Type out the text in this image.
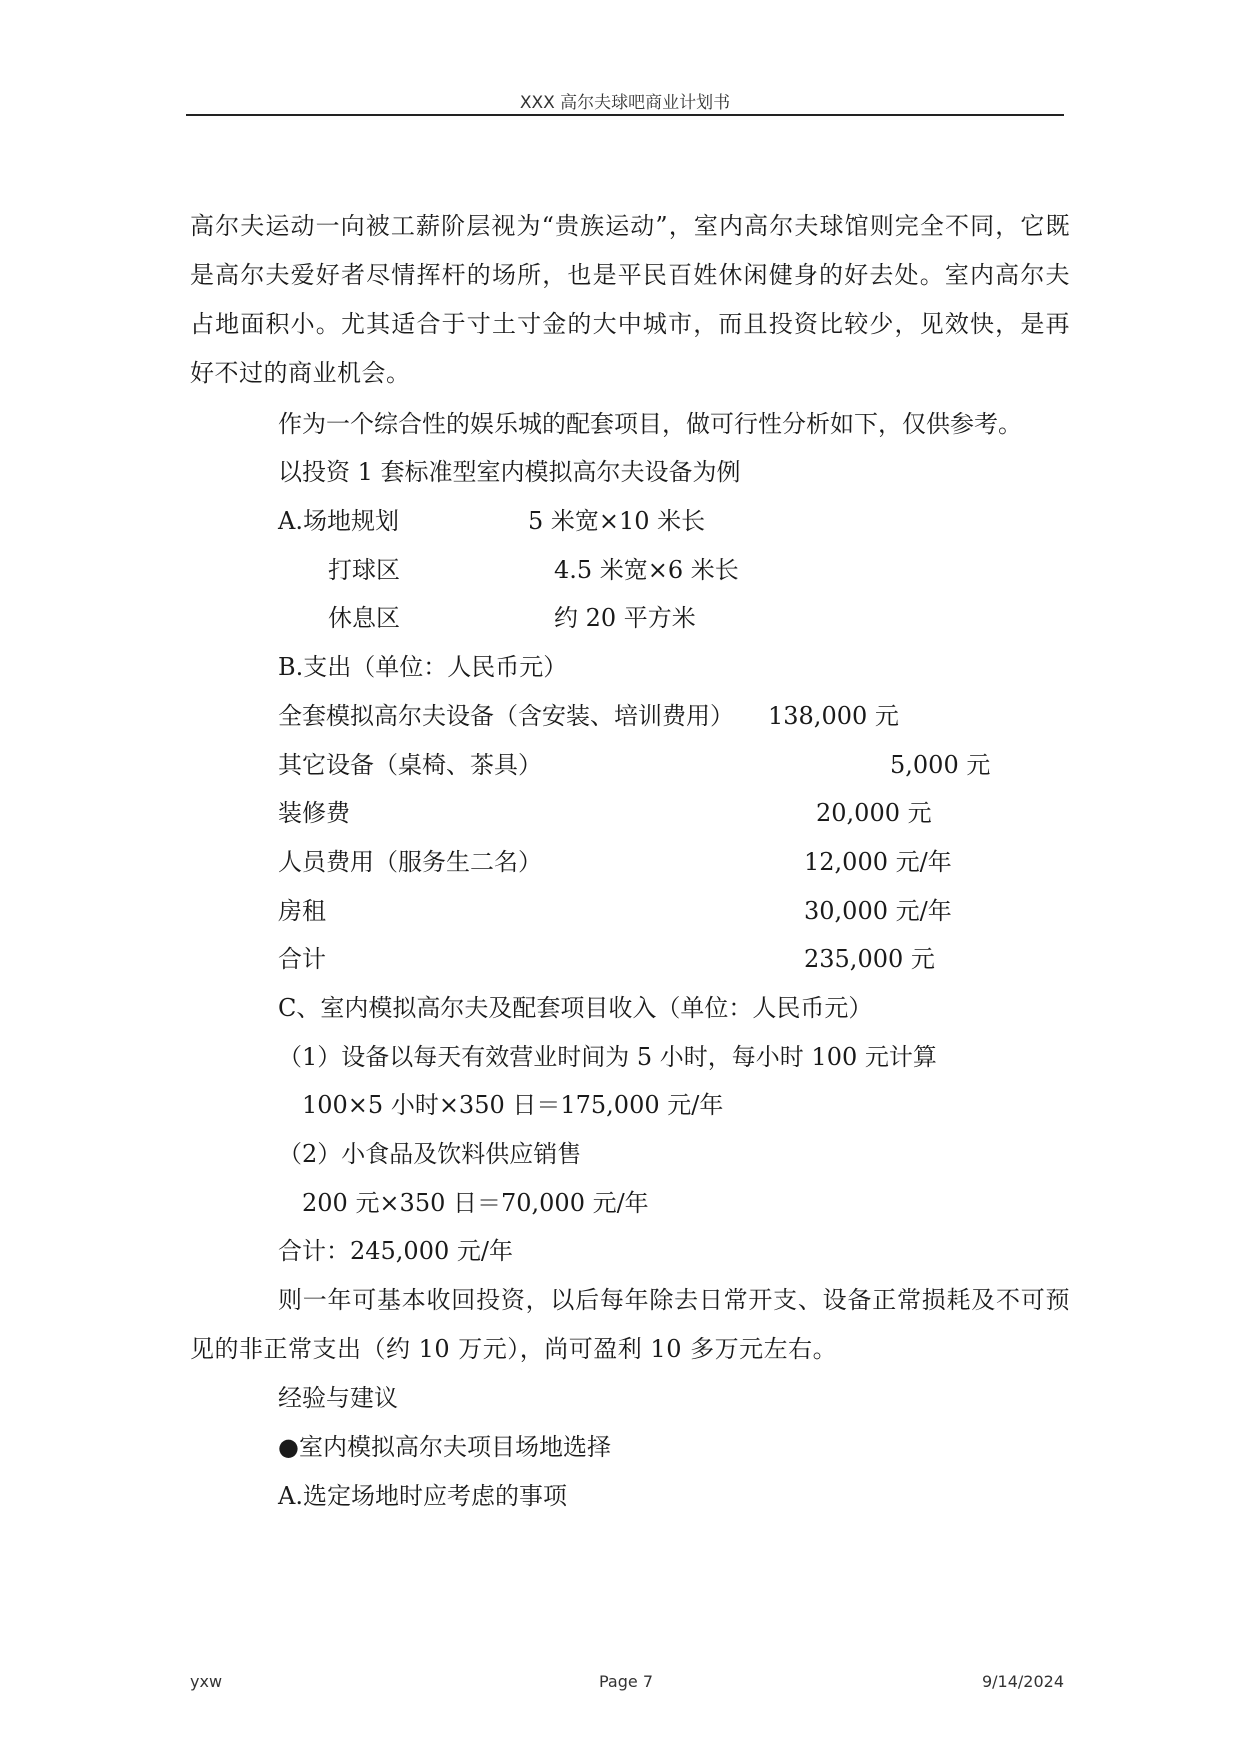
XXX 高尔夫球吧商业计划书

高尔夫运动一向被工薪阶层视为“贵族运动”，室内高尔夫球馆则完全不同，它既是高尔夫爱好者尽情挥杆的场所，也是平民百姓休闲健身的好去处。室内高尔夫占地面积小。尤其适合于寸土寸金的大中城市，而且投资比较少，见效快，是再好不过的商业机会。

作为一个综合性的娱乐城的配套项目，做可行性分析如下，仅供参考。
以投资 1 套标准型室内模拟高尔夫设备为例
A.场地规划	5 米宽×10 米长
打球区	4.5 米宽×6 米长
休息区	约 20 平方米
B.支出（单位：人民币元）
全套模拟高尔夫设备（含安装、培训费用） 138,000 元
其它设备（桌椅、茶具）	5,000 元
装修费	20,000 元
人员费用（服务生二名）	12,000 元/年
房租	30,000 元/年
合计	235,000 元
C、室内模拟高尔夫及配套项目收入（单位：人民币元）
（1）设备以每天有效营业时间为 5 小时，每小时 100 元计算
100×5 小时×350 日＝175,000 元/年
（2）小食品及饮料供应销售
200 元×350 日＝70,000 元/年
合计：245,000 元/年

则一年可基本收回投资，以后每年除去日常开支、设备正常损耗及不可预见的非正常支出（约 10 万元），尚可盈利 10 多万元左右。

经验与建议
●室内模拟高尔夫项目场地选择
A.选定场地时应考虑的事项
yxw	Page 7	9/14/2024
